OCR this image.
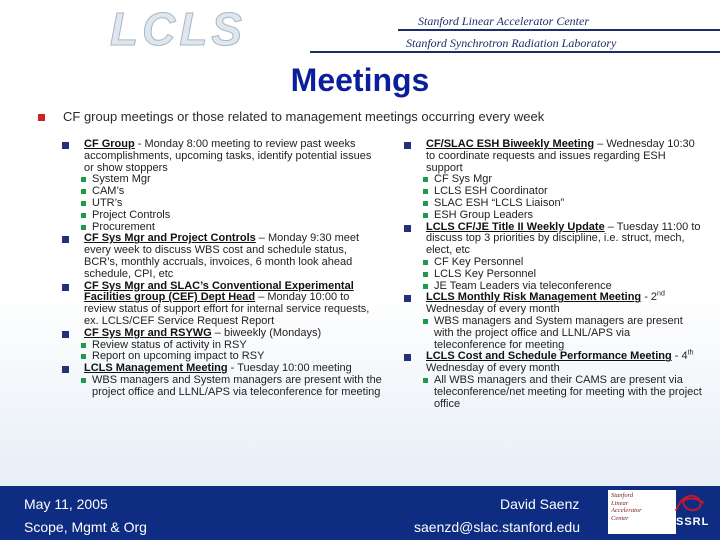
LCLS	Stanford Linear Accelerator Center
Stanford Synchrotron Radiation Laboratory
Meetings
CF group meetings or those related to management meetings occurring every week
CF Group - Monday 8:00 meeting to review past weeks accomplishments, upcoming tasks, identify potential issues or show stoppers
System Mgr
CAM’s
UTR’s
Project Controls
Procurement
CF Sys Mgr and Project Controls – Monday 9:30 meet every week to discuss WBS cost and schedule status, BCR’s, monthly accruals, invoices, 6 month look ahead schedule, CPI, etc
CF Sys Mgr and SLAC’s Conventional Experimental Facilities group (CEF) Dept Head – Monday 10:00 to review status of support effort for internal service requests, ex. LCLS/CEF Service Request Report
CF Sys Mgr and RSYWG – biweekly (Mondays)
Review status of activity in RSY
Report on upcoming impact to RSY
LCLS Management Meeting - Tuesday 10:00 meeting
WBS managers and System managers are present with the project office and LLNL/APS via teleconference for meeting
CF/SLAC ESH Biweekly Meeting – Wednesday 10:30 to coordinate requests and issues regarding ESH support
CF Sys Mgr
LCLS ESH Coordinator
SLAC ESH “LCLS Liaison”
ESH Group Leaders
LCLS CF/JE Title II Weekly Update – Tuesday 11:00 to discuss top 3 priorities by discipline, i.e. struct, mech, elect, etc
CF Key Personnel
LCLS Key Personnel
JE Team Leaders via teleconference
LCLS Monthly Risk Management Meeting - 2nd Wednesday of every month
WBS managers and System managers are present with the project office and LLNL/APS via teleconference for meeting
LCLS Cost and Schedule Performance Meeting - 4th Wednesday of every month
All WBS managers and their CAMS are present via teleconference/net meeting for meeting with the project office
May 11, 2005
Scope, Mgmt & Org
David Saenz
saenzd@slac.stanford.edu
Stanford
Linear
Accelerator
Center	SSRL
